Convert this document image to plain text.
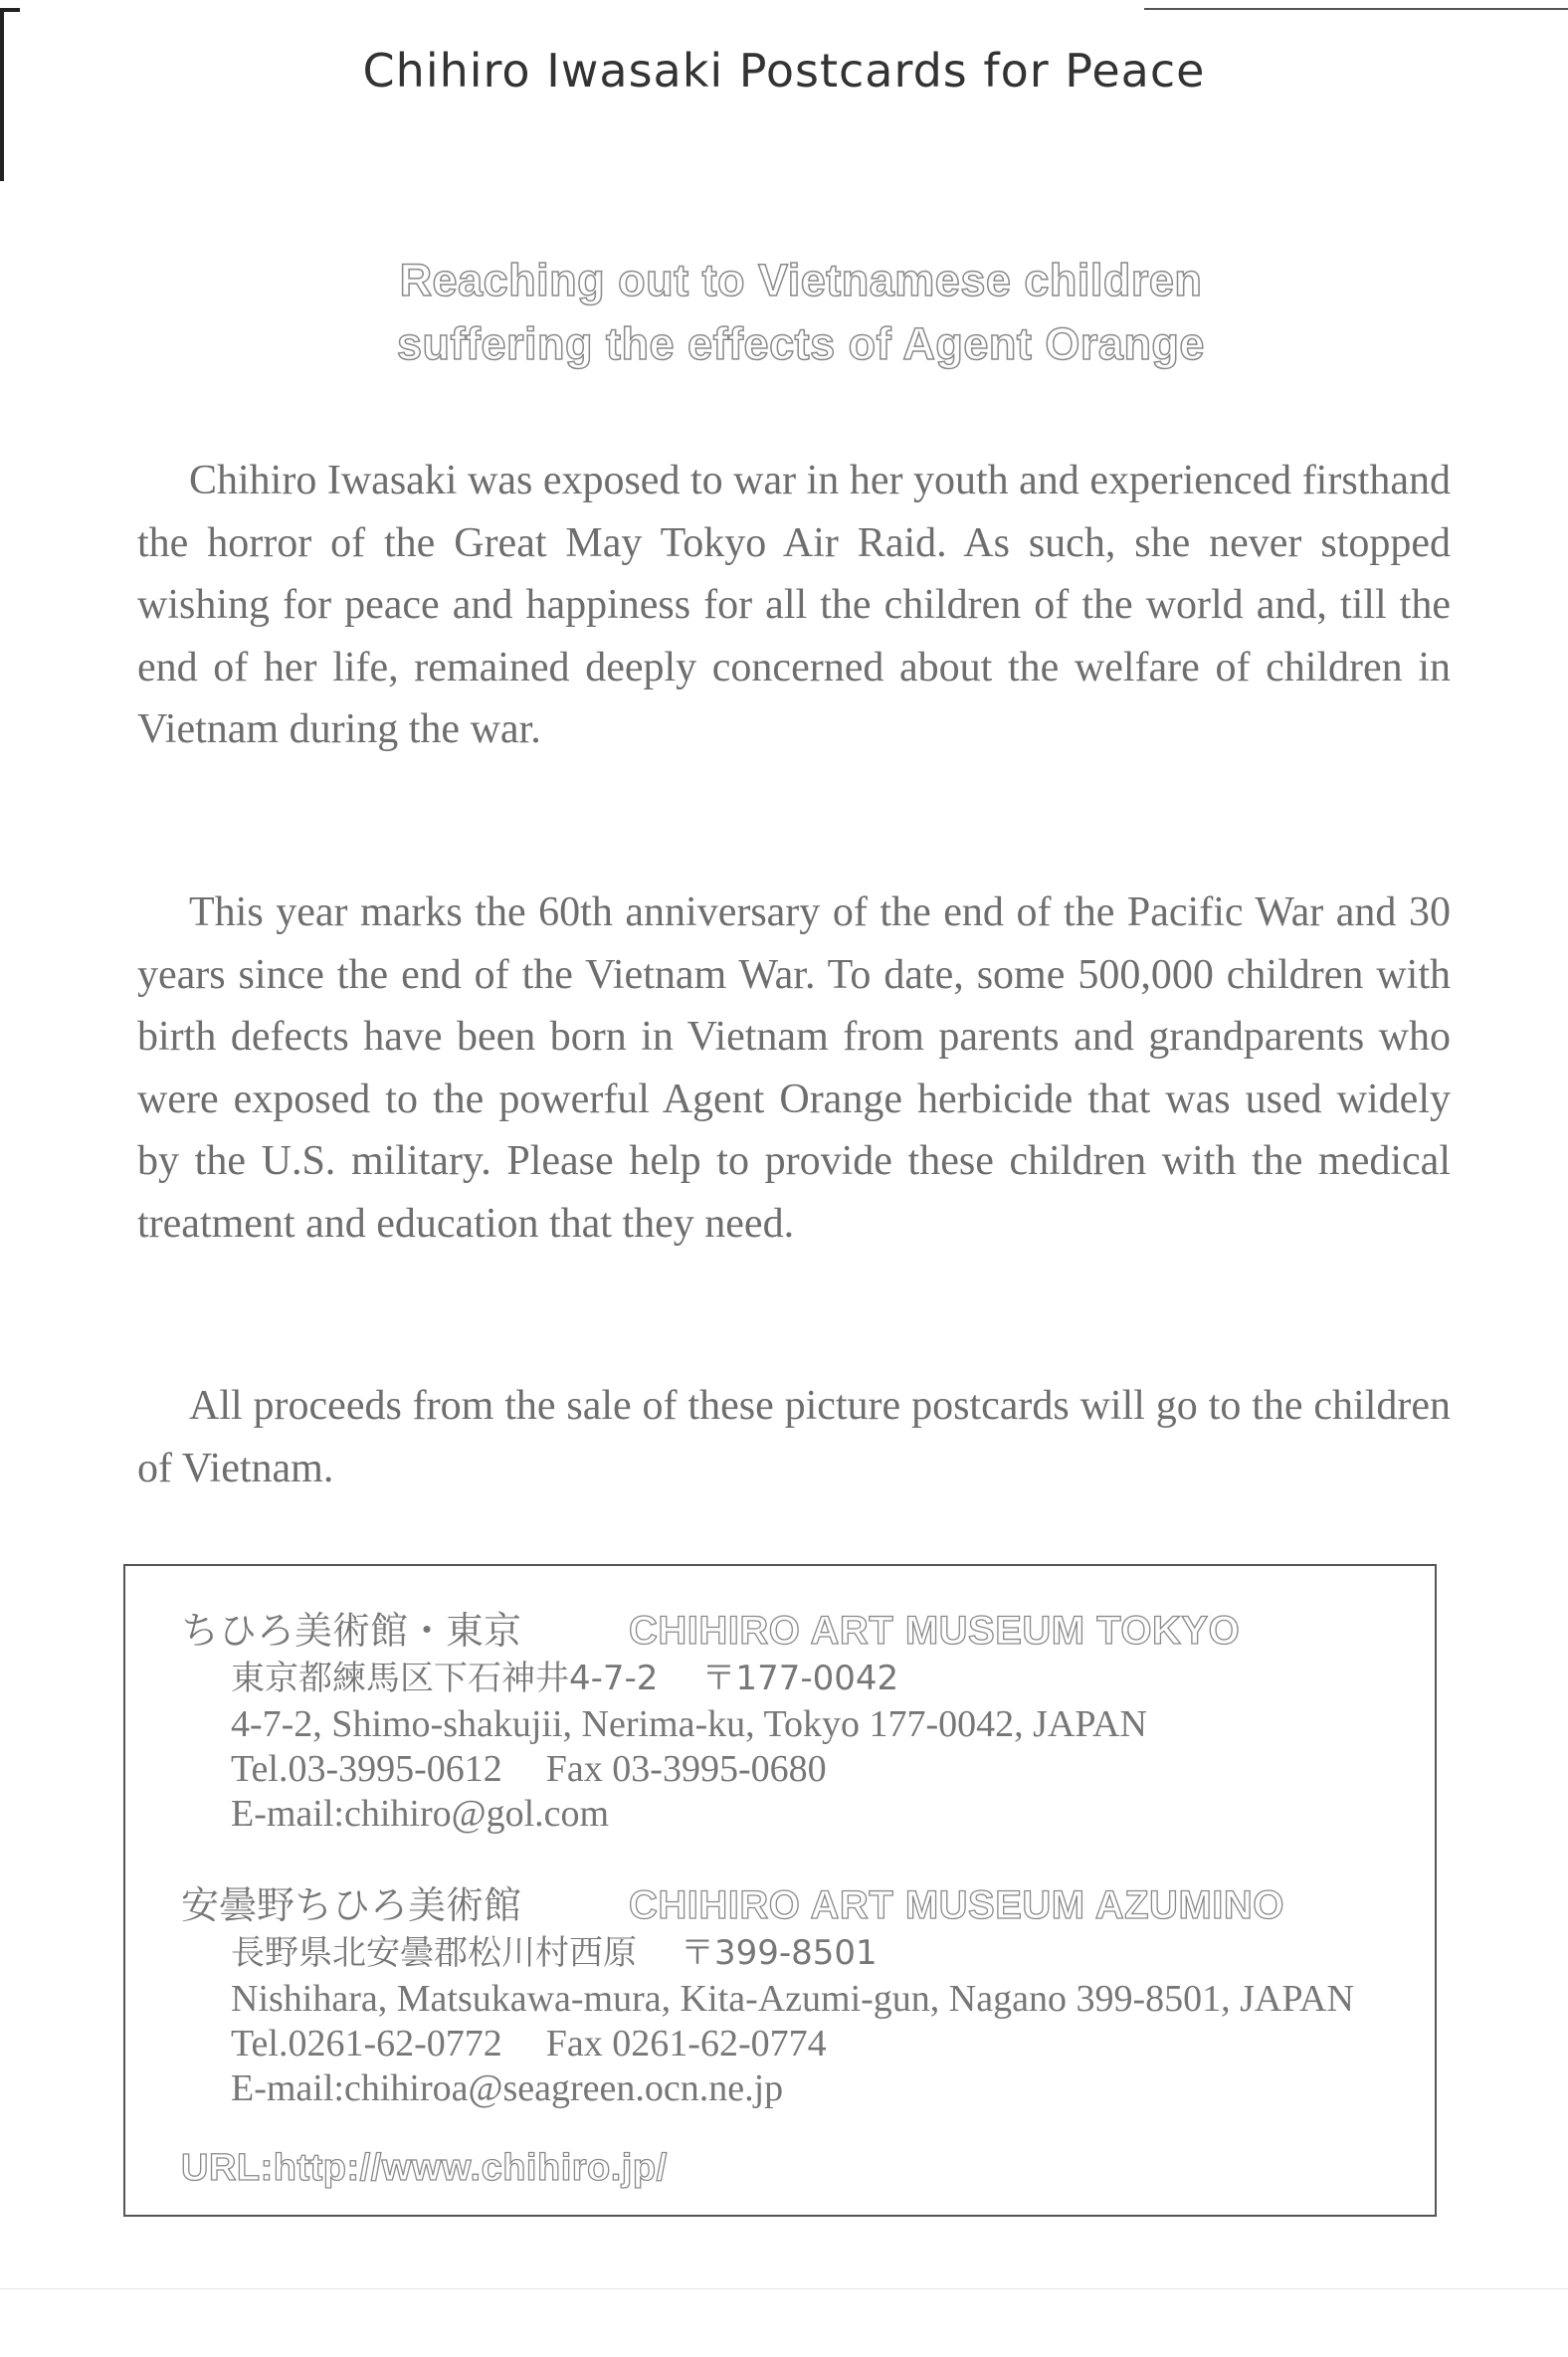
Chihiro Iwasaki Postcards for Peace
Reaching out to Vietnamese children
suffering the effects of Agent Orange

Chihiro Iwasaki was exposed to war in her youth and experienced firsthand the horror of the Great May Tokyo Air Raid. As such, she never stopped wishing for peace and happiness for all the children of the world and, till the end of her life, remained deeply concerned about the welfare of children in Vietnam during the war.

This year marks the 60th anniversary of the end of the Pacific War and 30 years since the end of the Vietnam War. To date, some 500,000 children with birth defects have been born in Vietnam from parents and grandparents who were exposed to the powerful Agent Orange herbicide that was used widely by the U.S. military. Please help to provide these children with the medical treatment and education that they need.

All proceeds from the sale of these picture postcards will go to the children of Vietnam.

ちひろ美術館・東京	CHIHIRO ART MUSEUM TOKYO
東京都練馬区下石神井4-7-2 〒177-0042
4-7-2, Shimo-shakujii, Nerima-ku, Tokyo 177-0042, JAPAN
Tel.03-3995-0612 Fax 03-3995-0680
E-mail:chihiro@gol.com
安曇野ちひろ美術館	CHIHIRO ART MUSEUM AZUMINO
長野県北安曇郡松川村西原 〒399-8501
Nishihara, Matsukawa-mura, Kita-Azumi-gun, Nagano 399-8501, JAPAN
Tel.0261-62-0772 Fax 0261-62-0774
E-mail:chihiroa@seagreen.ocn.ne.jp
URL:http://www.chihiro.jp/
